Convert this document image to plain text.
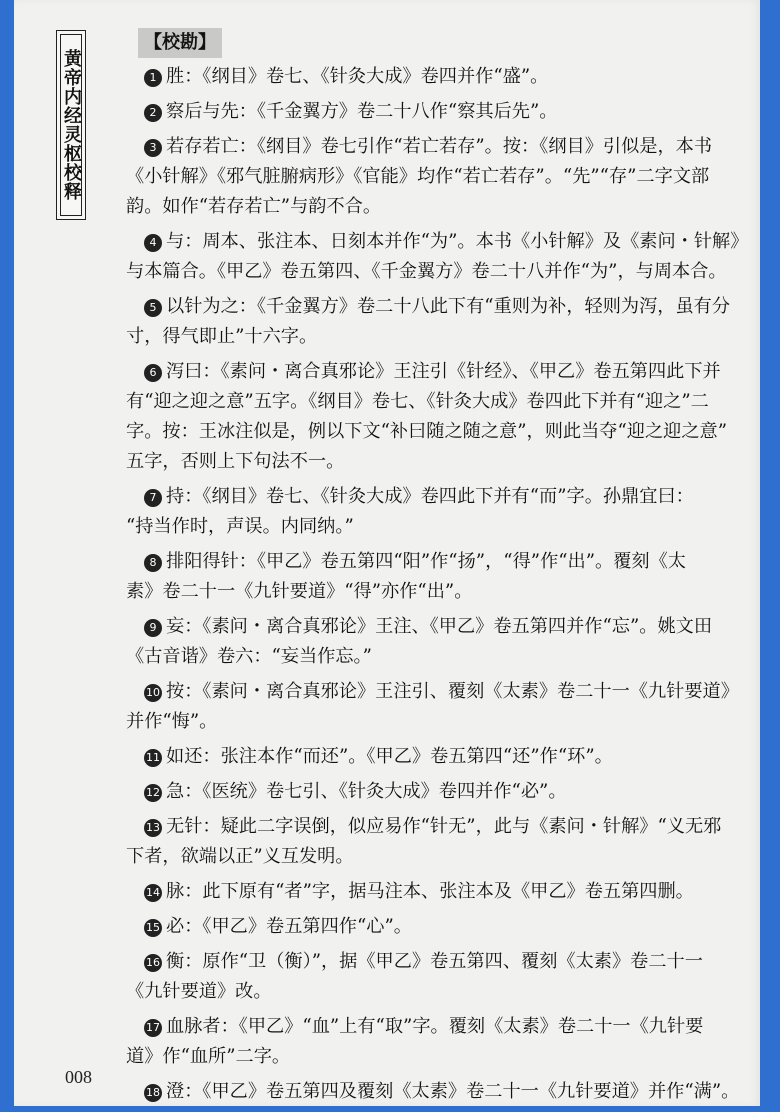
黄帝内经灵枢校释
【校勘】
1 胜：《纲目》卷七、《针灸大成》卷四并作“盛”。
2 察后与先：《千金翼方》卷二十八作“察其后先”。
3 若存若亡：《纲目》卷七引作“若亡若存”。按：《纲目》引似是，本书
《小针解》《邪气脏腑病形》《官能》均作“若亡若存”。“先”“存”二字文部
韵。如作“若存若亡”与韵不合。
4 与：周本、张注本、日刻本并作“为”。本书《小针解》及《素问・针解》
与本篇合。《甲乙》卷五第四、《千金翼方》卷二十八并作“为”，与周本合。
5 以针为之：《千金翼方》卷二十八此下有“重则为补，轻则为泻，虽有分
寸，得气即止”十六字。
6 泻曰：《素问・离合真邪论》王注引《针经》、《甲乙》卷五第四此下并
有“迎之迎之意”五字。《纲目》卷七、《针灸大成》卷四此下并有“迎之”二
字。按：王冰注似是，例以下文“补曰随之随之意”，则此当夺“迎之迎之意”
五字，否则上下句法不一。
7 持：《纲目》卷七、《针灸大成》卷四此下并有“而”字。孙鼎宜曰：
“持当作时，声误。内同纳。”
8 排阳得针：《甲乙》卷五第四“阳”作“扬”，“得”作“出”。覆刻《太
素》卷二十一《九针要道》“得”亦作“出”。
9 妄：《素问・离合真邪论》王注、《甲乙》卷五第四并作“忘”。姚文田
《古音谐》卷六：“妄当作忘。”
10 按：《素问・离合真邪论》王注引、覆刻《太素》卷二十一《九针要道》
并作“悔”。
11 如还：张注本作“而还”。《甲乙》卷五第四“还”作“环”。
12 急：《医统》卷七引、《针灸大成》卷四并作“必”。
13 无针：疑此二字误倒，似应易作“针无”，此与《素问・针解》“义无邪
下者，欲端以正”义互发明。
14 脉：此下原有“者”字，据马注本、张注本及《甲乙》卷五第四删。
15 必：《甲乙》卷五第四作“心”。
16 衡：原作“卫（衡）”，据《甲乙》卷五第四、覆刻《太素》卷二十一
《九针要道》改。
17 血脉者：《甲乙》“血”上有“取”字。覆刻《太素》卷二十一《九针要
道》作“血所”二字。
18 澄：《甲乙》卷五第四及覆刻《太素》卷二十一《九针要道》并作“满”。
008
